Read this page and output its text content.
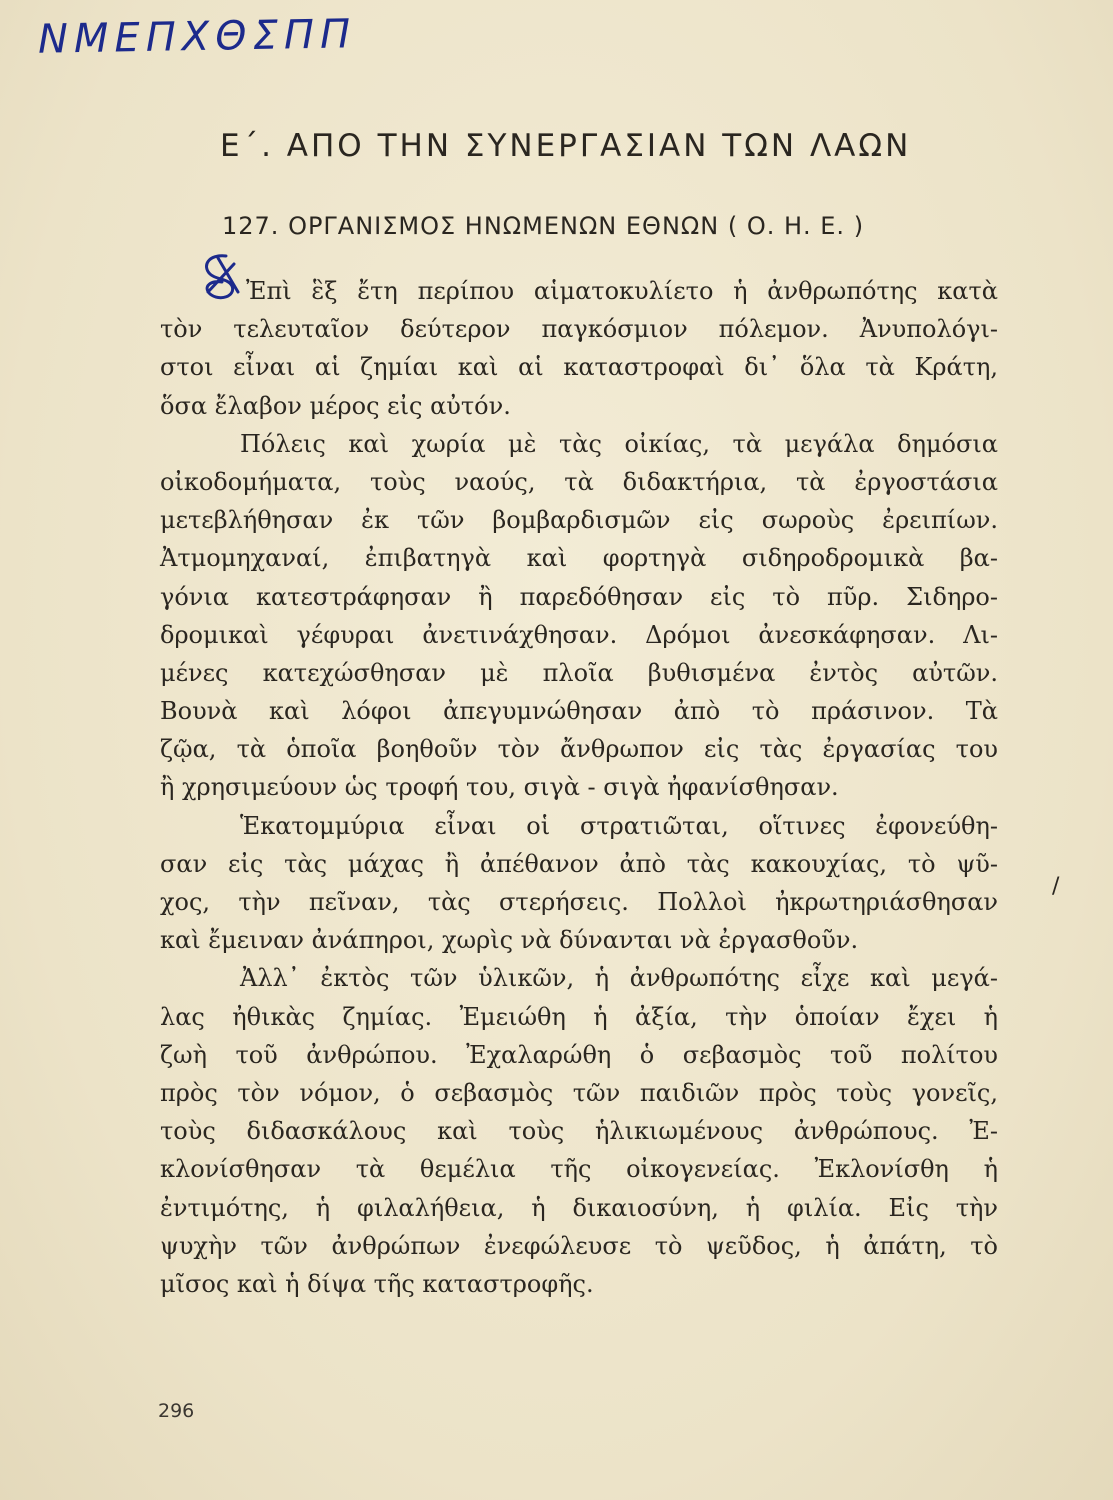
ΝΜΕΠΧΘΣΠΠ
Ε΄. ΑΠΟ ΤΗΝ ΣΥΝΕΡΓΑΣΙΑΝ ΤΩΝ ΛΑΩΝ
127. ΟΡΓΑΝΙΣΜΟΣ ΗΝΩΜΕΝΩΝ ΕΘΝΩΝ ( Ο. Η. Ε. )
Ἐπὶ ἓξ ἔτη περίπου αἱματοκυλίετο ἡ ἀνθρωπότης κατὰ
τὸν τελευταῖον δεύτερον παγκόσμιον πόλεμον. Ἀνυπολόγι-
στοι εἶναι αἱ ζημίαι καὶ αἱ καταστροφαὶ δι᾽ ὅλα τὰ Κράτη,
ὅσα ἔλαβον μέρος εἰς αὐτόν.
Πόλεις καὶ χωρία μὲ τὰς οἰκίας, τὰ μεγάλα δημόσια
οἰκοδομήματα, τοὺς ναούς, τὰ διδακτήρια, τὰ ἐργοστάσια
μετεβλήθησαν ἐκ τῶν βομβαρδισμῶν εἰς σωροὺς ἐρειπίων.
Ἀτμομηχαναί, ἐπιβατηγὰ καὶ φορτηγὰ σιδηροδρομικὰ βα-
γόνια κατεστράφησαν ἢ παρεδόθησαν εἰς τὸ πῦρ. Σιδηρο-
δρομικαὶ γέφυραι ἀνετινάχθησαν. Δρόμοι ἀνεσκάφησαν. Λι-
μένες κατεχώσθησαν μὲ πλοῖα βυθισμένα ἐντὸς αὐτῶν.
Βουνὰ καὶ λόφοι ἀπεγυμνώθησαν ἀπὸ τὸ πράσινον. Τὰ
ζῷα, τὰ ὁποῖα βοηθοῦν τὸν ἄνθρωπον εἰς τὰς ἐργασίας του
ἢ χρησιμεύουν ὡς τροφή του, σιγὰ - σιγὰ ἠφανίσθησαν.
Ἑκατομμύρια εἶναι οἱ στρατιῶται, οἵτινες ἐφονεύθη-
σαν εἰς τὰς μάχας ἢ ἀπέθανον ἀπὸ τὰς κακουχίας, τὸ ψῦ-
χος, τὴν πεῖναν, τὰς στερήσεις. Πολλοὶ ἠκρωτηριάσθησαν
καὶ ἔμειναν ἀνάπηροι, χωρὶς νὰ δύνανται νὰ ἐργασθοῦν.
Ἀλλ᾽ ἐκτὸς τῶν ὑλικῶν, ἡ ἀνθρωπότης εἶχε καὶ μεγά-
λας ἠθικὰς ζημίας. Ἐμειώθη ἡ ἀξία, τὴν ὁποίαν ἔχει ἡ
ζωὴ τοῦ ἀνθρώπου. Ἐχαλαρώθη ὁ σεβασμὸς τοῦ πολίτου
πρὸς τὸν νόμον, ὁ σεβασμὸς τῶν παιδιῶν πρὸς τοὺς γονεῖς,
τοὺς διδασκάλους καὶ τοὺς ἡλικιωμένους ἀνθρώπους. Ἐ-
κλονίσθησαν τὰ θεμέλια τῆς οἰκογενείας. Ἐκλονίσθη ἡ
ἐντιμότης, ἡ φιλαλήθεια, ἡ δικαιοσύνη, ἡ φιλία. Εἰς τὴν
ψυχὴν τῶν ἀνθρώπων ἐνεφώλευσε τὸ ψεῦδος, ἡ ἀπάτη, τὸ
μῖσος καὶ ἡ δίψα τῆς καταστροφῆς.
296
/
